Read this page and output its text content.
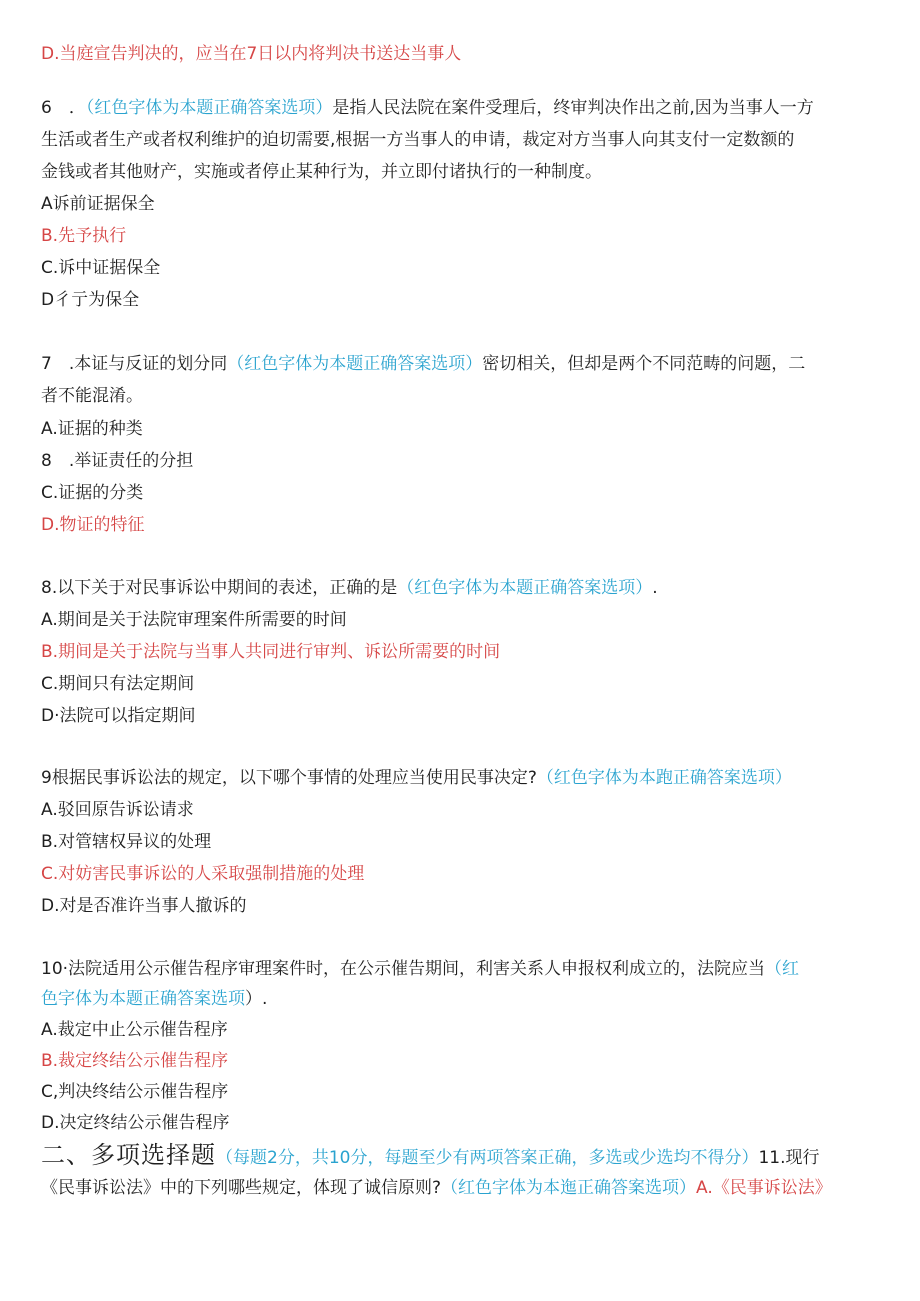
D.当庭宣告判决的，应当在7日以内将判决书送达当事人
6　．（红色字体为本题正确答案选项）是指人民法院在案件受理后，终审判决作出之前,因为当事人一方
生活或者生产或者权利维护的迫切需要,根据一方当事人的申请，裁定对方当事人向其支付一定数额的
金钱或者其他财产，实施或者停止某种行为，并立即付诸执行的一种制度。
A诉前证据保全
B.先予执行
C.诉中证据保全
D彳亍为保全
7　.本证与反证的划分同（红色字体为本题正确答案选项）密切相关，但却是两个不同范畴的问题，二
者不能混淆。
A.证据的种类
8　.举证责任的分担
C.证据的分类
D.物证的特征
8.以下关于对民事诉讼中期间的表述，正确的是（红色字体为本题正确答案选项）.
A.期间是关于法院审理案件所需要的时间
B.期间是关于法院与当事人共同进行审判、诉讼所需要的时间
C.期间只有法定期间
D·法院可以指定期间
9根据民事诉讼法的规定，以下哪个事情的处理应当使用民事决定?（红色字体为本跑正确答案选项）
A.驳回原告诉讼请求
B.对管辖权异议的处理
C.对妨害民事诉讼的人采取强制措施的处理
D.对是否准许当事人撤诉的
10·法院适用公示催告程序审理案件时，在公示催告期间，利害关系人申报权利成立的，法院应当（红
色字体为本题正确答案选项）.
A.裁定中止公示催告程序
B.裁定终结公示催告程序
C,判决终结公示催告程序
D.决定终结公示催告程序
二、多项选择题（每题2分，共10分，每题至少有两项答案正确，多选或少选均不得分）11.现行
《民事诉讼法》中的下列哪些规定，体现了诚信原则?（红色字体为本迤正确答案选项）A.《民事诉讼法》
